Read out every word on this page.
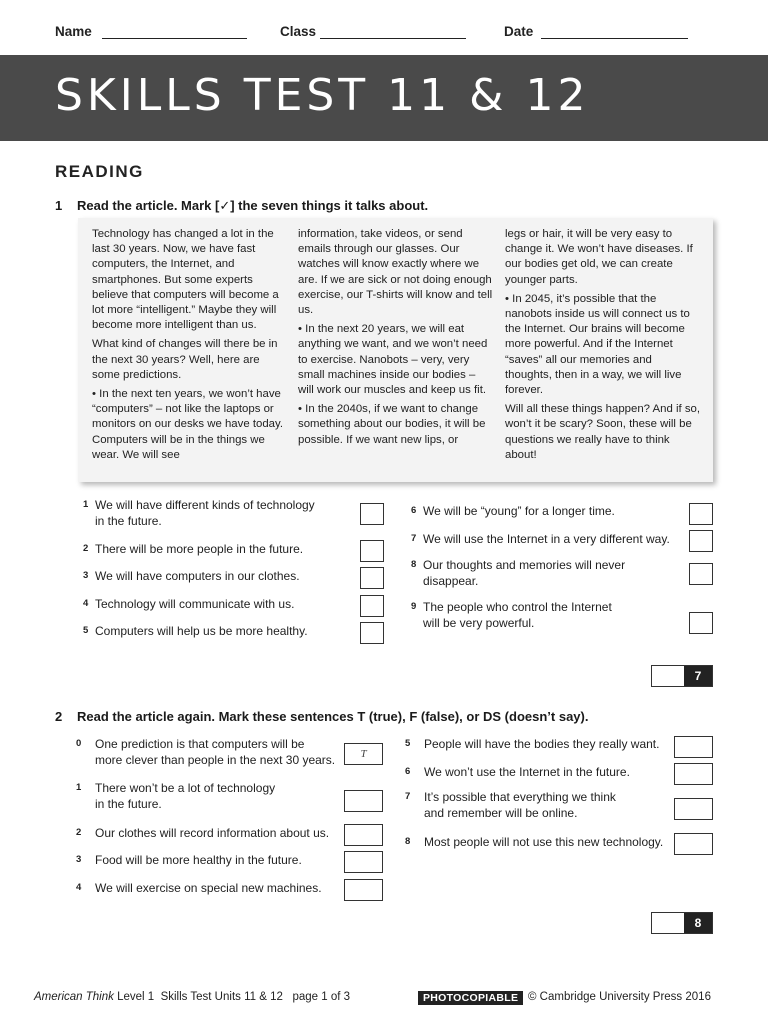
Name	Class	Date
SKILLS TEST 11 & 12
READING
1 Read the article. Mark [✓] the seven things it talks about.

Technology has changed a lot in the last 30 years. Now, we have fast computers, the Internet, and smartphones. But some experts believe that computers will become a lot more “intelligent.” Maybe they will become more intelligent than us.

What kind of changes will there be in the next 30 years? Well, here are some predictions.

• In the next ten years, we won’t have “computers” – not like the laptops or monitors on our desks we have today. Computers will be in the things we wear. We will see

information, take videos, or send emails through our glasses. Our watches will know exactly where we are. If we are sick or not doing enough exercise, our T-shirts will know and tell us.

• In the next 20 years, we will eat anything we want, and we won’t need to exercise. Nanobots – very, very small machines inside our bodies – will work our muscles and keep us fit.

• In the 2040s, if we want to change something about our bodies, it will be possible. If we want new lips, or

legs or hair, it will be very easy to change it. We won’t have diseases. If our bodies get old, we can create younger parts.

• In 2045, it’s possible that the nanobots inside us will connect us to the Internet. Our brains will become more powerful. And if the Internet “saves” all our memories and thoughts, then in a way, we will live forever.

Will all these things happen? And if so, won’t it be scary? Soon, these will be questions we really have to think about!

1 We will have different kinds of technology
in the future.
2 There will be more people in the future.
3 We will have computers in our clothes.
4 Technology will communicate with us.
5 Computers will help us be more healthy.
6 We will be “young” for a longer time.
7 We will use the Internet in a very different way.
8 Our thoughts and memories will never
disappear.
9 The people who control the Internet
will be very powerful.
7
2 Read the article again. Mark these sentences T (true), F (false), or DS (doesn’t say).
0 One prediction is that computers will be
more clever than people in the next 30 years.	T
1 There won’t be a lot of technology
in the future.
2 Our clothes will record information about us.
3 Food will be more healthy in the future.
4 We will exercise on special new machines.
5 People will have the bodies they really want.
6 We won’t use the Internet in the future.
7 It’s possible that everything we think
and remember will be online.
8 Most people will not use this new technology.
8
American Think Level 1 Skills Test Units 11 & 12 page 1 of 3	PHOTOCOPIABLE © Cambridge University Press 2016
